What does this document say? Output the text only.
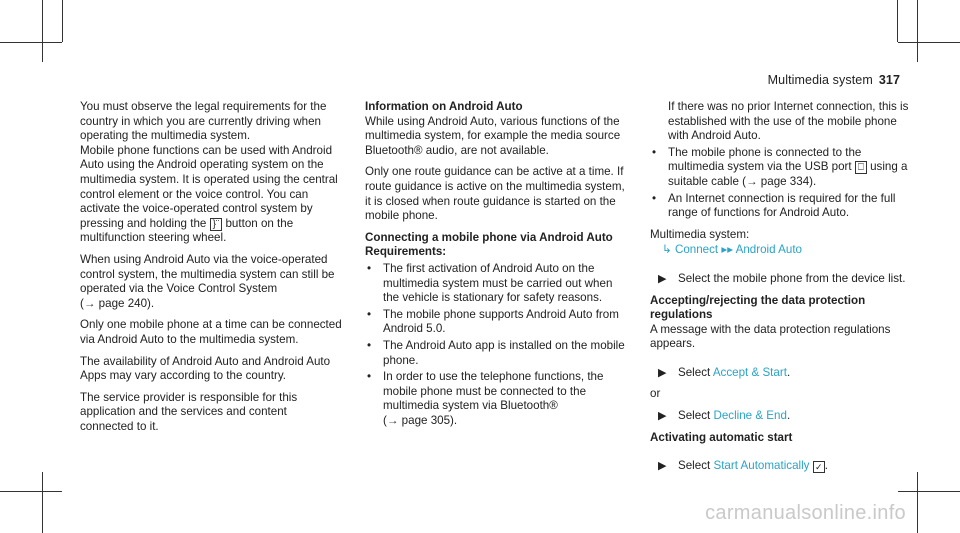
Multimedia system 317

You must observe the legal requirements for the country in which you are currently driving when operating the multimedia system.

Mobile phone functions can be used with Android Auto using the Android operating system on the multimedia system. It is operated using the central control element or the voice control. You can activate the voice-operated control system by pressing and holding the }¨ button on the multifunction steering wheel.

When using Android Auto via the voice-operated control system, the multimedia system can still be operated via the Voice Control System
(→ page 240).

Only one mobile phone at a time can be connected via Android Auto to the multimedia system.

The availability of Android Auto and Android Auto Apps may vary according to the country.

The service provider is responsible for this application and the services and content connected to it.

Information on Android Auto

While using Android Auto, various functions of the multimedia system, for example the media source Bluetooth® audio, are not available.

Only one route guidance can be active at a time. If route guidance is active on the multimedia system, it is closed when route guidance is started on the mobile phone.

Connecting a mobile phone via Android Auto
Requirements:
• The first activation of Android Auto on the multimedia system must be carried out when the vehicle is stationary for safety reasons.
• The mobile phone supports Android Auto from Android 5.0.
• The Android Auto app is installed on the mobile phone.
• In order to use the telephone functions, the mobile phone must be connected to the multimedia system via Bluetooth®
(→ page 305).

If there was no prior Internet connection, this is established with the use of the mobile phone with Android Auto.

• The mobile phone is connected to the multimedia system via the USB port ⎕ using a suitable cable (→ page 334).
• An Internet connection is required for the full range of functions for Android Auto.

Multimedia system:

↳ Connect ▸▸ Android Auto
▶ Select the mobile phone from the device list.
Accepting/rejecting the data protection regulations

A message with the data protection regulations appears.

▶ Select Accept & Start.

or

▶ Select Decline & End.
Activating automatic start
▶ Select Start Automatically ✓ .
carmanualsonline.info
